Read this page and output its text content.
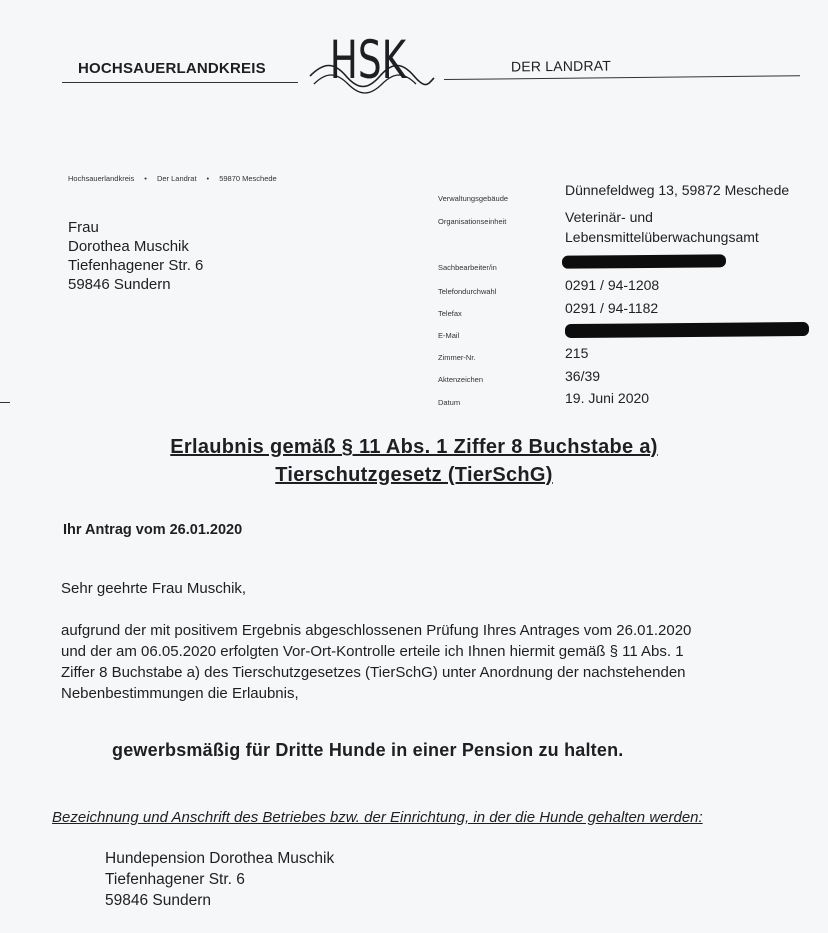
HOCHSAUERLANDKREIS HSK	DER LANDRAT
Hochsauerlandkreis • Der Landrat • 59870 Meschede
Frau
Dorothea Muschik
Tiefenhagener Str. 6
59846 Sundern
Verwaltungsgebäude
Organisationseinheit
Sachbearbeiter/in
Telefondurchwahl
Telefax
E-Mail
Zimmer-Nr.
Aktenzeichen
Datum
Dünnefeldweg 13, 59872 Meschede
Veterinär- und
Lebensmittelüberwachungsamt
0291 / 94-1208
0291 / 94-1182
215
36/39
19. Juni 2020
Erlaubnis gemäß § 11 Abs. 1 Ziffer 8 Buchstabe a)
Tierschutzgesetz (TierSchG)
Ihr Antrag vom 26.01.2020
Sehr geehrte Frau Muschik,
aufgrund der mit positivem Ergebnis abgeschlossenen Prüfung Ihres Antrages vom 26.01.2020
und der am 06.05.2020 erfolgten Vor-Ort-Kontrolle erteile ich Ihnen hiermit gemäß § 11 Abs. 1
Ziffer 8 Buchstabe a) des Tierschutzgesetzes (TierSchG) unter Anordnung der nachstehenden
Nebenbestimmungen die Erlaubnis,
gewerbsmäßig für Dritte Hunde in einer Pension zu halten.
Bezeichnung und Anschrift des Betriebes bzw. der Einrichtung, in der die Hunde gehalten werden:
Hundepension Dorothea Muschik
Tiefenhagener Str. 6
59846 Sundern
